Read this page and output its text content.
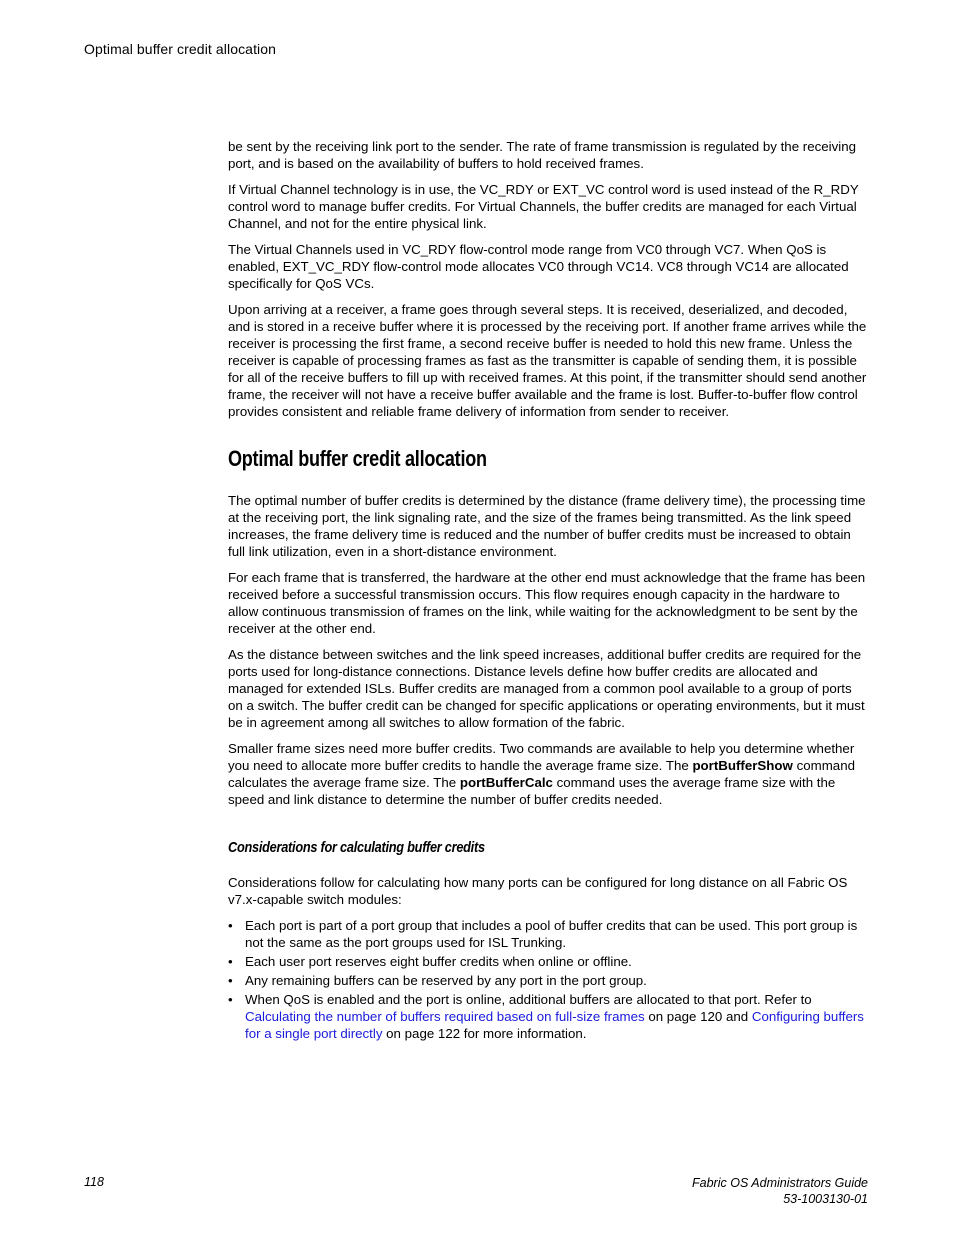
Optimal buffer credit allocation

be sent by the receiving link port to the sender. The rate of frame transmission is regulated by the receiving port, and is based on the availability of buffers to hold received frames.

If Virtual Channel technology is in use, the VC_RDY or EXT_VC control word is used instead of the R_RDY control word to manage buffer credits. For Virtual Channels, the buffer credits are managed for each Virtual Channel, and not for the entire physical link.

The Virtual Channels used in VC_RDY flow-control mode range from VC0 through VC7. When QoS is enabled, EXT_VC_RDY flow-control mode allocates VC0 through VC14. VC8 through VC14 are allocated specifically for QoS VCs.

Upon arriving at a receiver, a frame goes through several steps. It is received, deserialized, and decoded, and is stored in a receive buffer where it is processed by the receiving port. If another frame arrives while the receiver is processing the first frame, a second receive buffer is needed to hold this new frame. Unless the receiver is capable of processing frames as fast as the transmitter is capable of sending them, it is possible for all of the receive buffers to fill up with received frames. At this point, if the transmitter should send another frame, the receiver will not have a receive buffer available and the frame is lost. Buffer-to-buffer flow control provides consistent and reliable frame delivery of information from sender to receiver.

Optimal buffer credit allocation

The optimal number of buffer credits is determined by the distance (frame delivery time), the processing time at the receiving port, the link signaling rate, and the size of the frames being transmitted. As the link speed increases, the frame delivery time is reduced and the number of buffer credits must be increased to obtain full link utilization, even in a short-distance environment.

For each frame that is transferred, the hardware at the other end must acknowledge that the frame has been received before a successful transmission occurs. This flow requires enough capacity in the hardware to allow continuous transmission of frames on the link, while waiting for the acknowledgment to be sent by the receiver at the other end.

As the distance between switches and the link speed increases, additional buffer credits are required for the ports used for long-distance connections. Distance levels define how buffer credits are allocated and managed for extended ISLs. Buffer credits are managed from a common pool available to a group of ports on a switch. The buffer credit can be changed for specific applications or operating environments, but it must be in agreement among all switches to allow formation of the fabric.

Smaller frame sizes need more buffer credits. Two commands are available to help you determine whether you need to allocate more buffer credits to handle the average frame size. The portBufferShow command calculates the average frame size. The portBufferCalc command uses the average frame size with the speed and link distance to determine the number of buffer credits needed.

Considerations for calculating buffer credits

Considerations follow for calculating how many ports can be configured for long distance on all Fabric OS v7.x-capable switch modules:

• Each port is part of a port group that includes a pool of buffer credits that can be used. This port group is not the same as the port groups used for ISL Trunking.
• Each user port reserves eight buffer credits when online or offline.
• Any remaining buffers can be reserved by any port in the port group.
• When QoS is enabled and the port is online, additional buffers are allocated to that port. Refer to Calculating the number of buffers required based on full-size frames on page 120 and Configuring buffers for a single port directly on page 122 for more information.
118	Fabric OS Administrators Guide
53-1003130-01
